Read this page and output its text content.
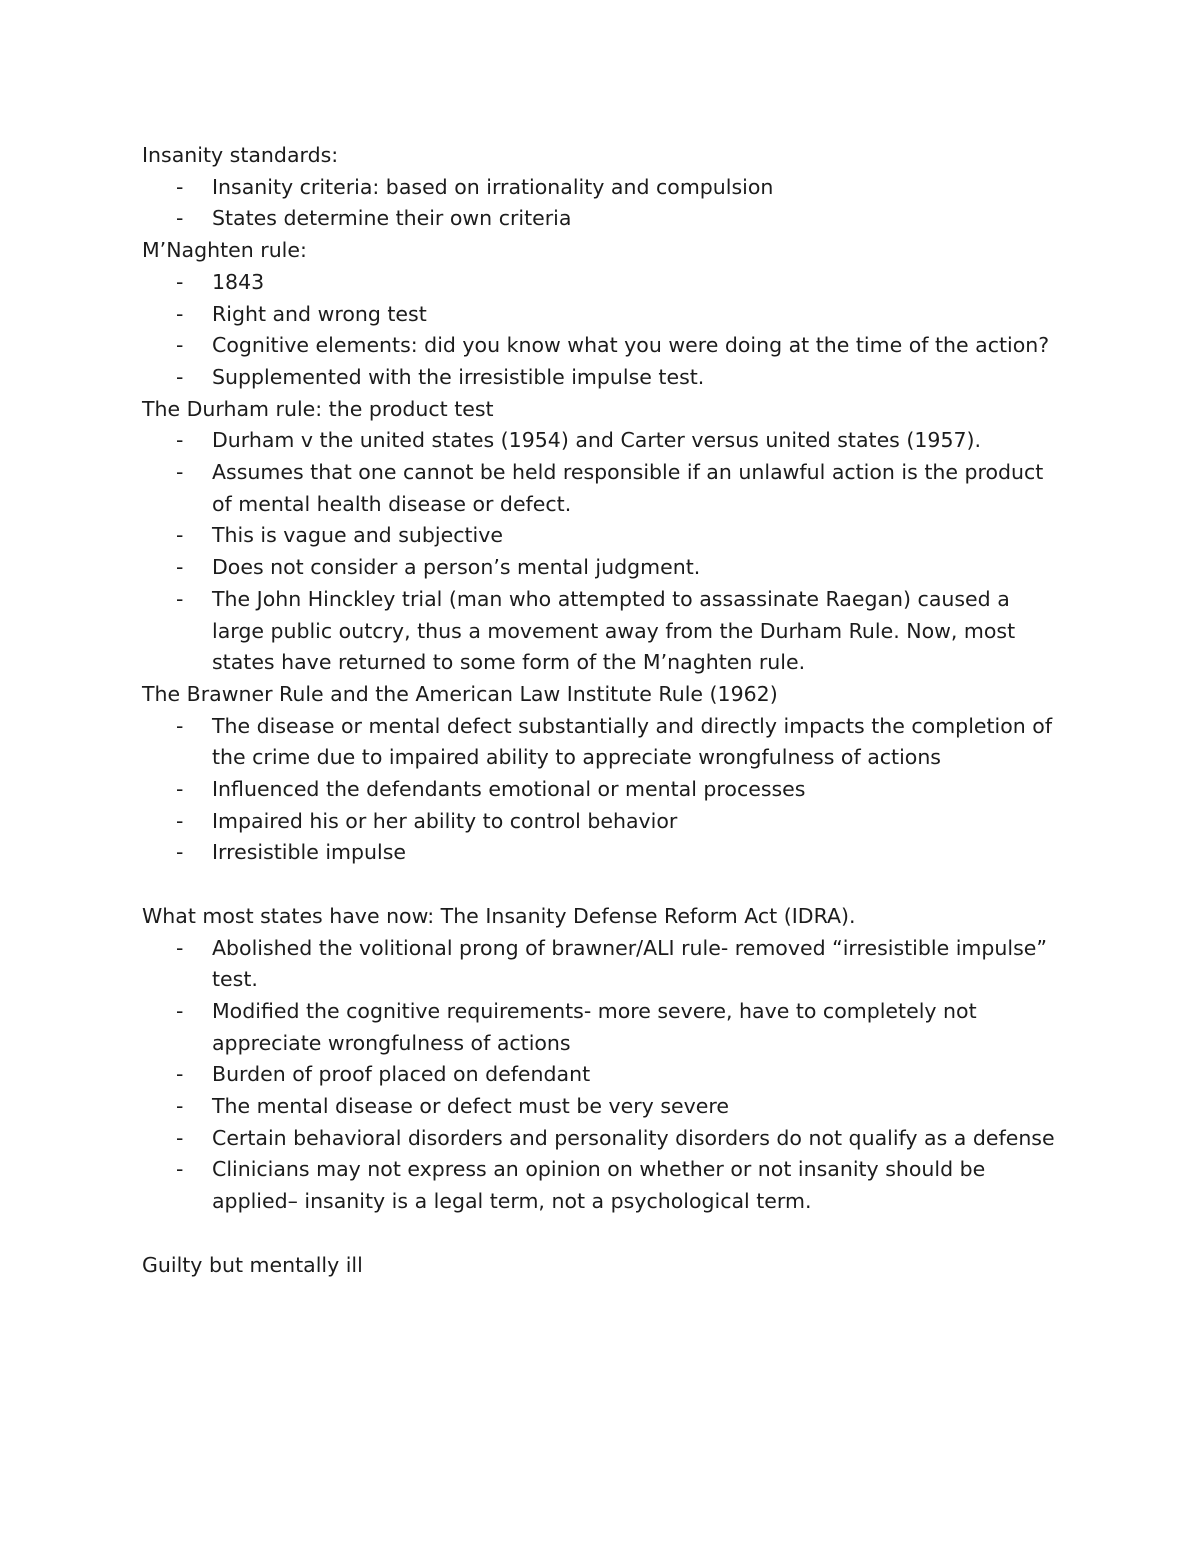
Insanity standards:

- Insanity criteria: based on irrationality and compulsion
- States determine their own criteria

M’Naghten rule:

- 1843
- Right and wrong test
- Cognitive elements: did you know what you were doing at the time of the action?
- Supplemented with the irresistible impulse test.

The Durham rule: the product test

- Durham v the united states (1954) and Carter versus united states (1957).
- Assumes that one cannot be held responsible if an unlawful action is the product of mental health disease or defect.
- This is vague and subjective
- Does not consider a person’s mental judgment.
- The John Hinckley trial (man who attempted to assassinate Raegan) caused a large public outcry, thus a movement away from the Durham Rule. Now, most states have returned to some form of the M’naghten rule.

The Brawner Rule and the American Law Institute Rule (1962)

- The disease or mental defect substantially and directly impacts the completion of the crime due to impaired ability to appreciate wrongfulness of actions
- Influenced the defendants emotional or mental processes
- Impaired his or her ability to control behavior
- Irresistible impulse

What most states have now: The Insanity Defense Reform Act (IDRA).

- Abolished the volitional prong of brawner/ALI rule- removed “irresistible impulse” test.
- Modified the cognitive requirements- more severe, have to completely not appreciate wrongfulness of actions
- Burden of proof placed on defendant
- The mental disease or defect must be very severe
- Certain behavioral disorders and personality disorders do not qualify as a defense
- Clinicians may not express an opinion on whether or not insanity should be applied– insanity is a legal term, not a psychological term.

Guilty but mentally ill
